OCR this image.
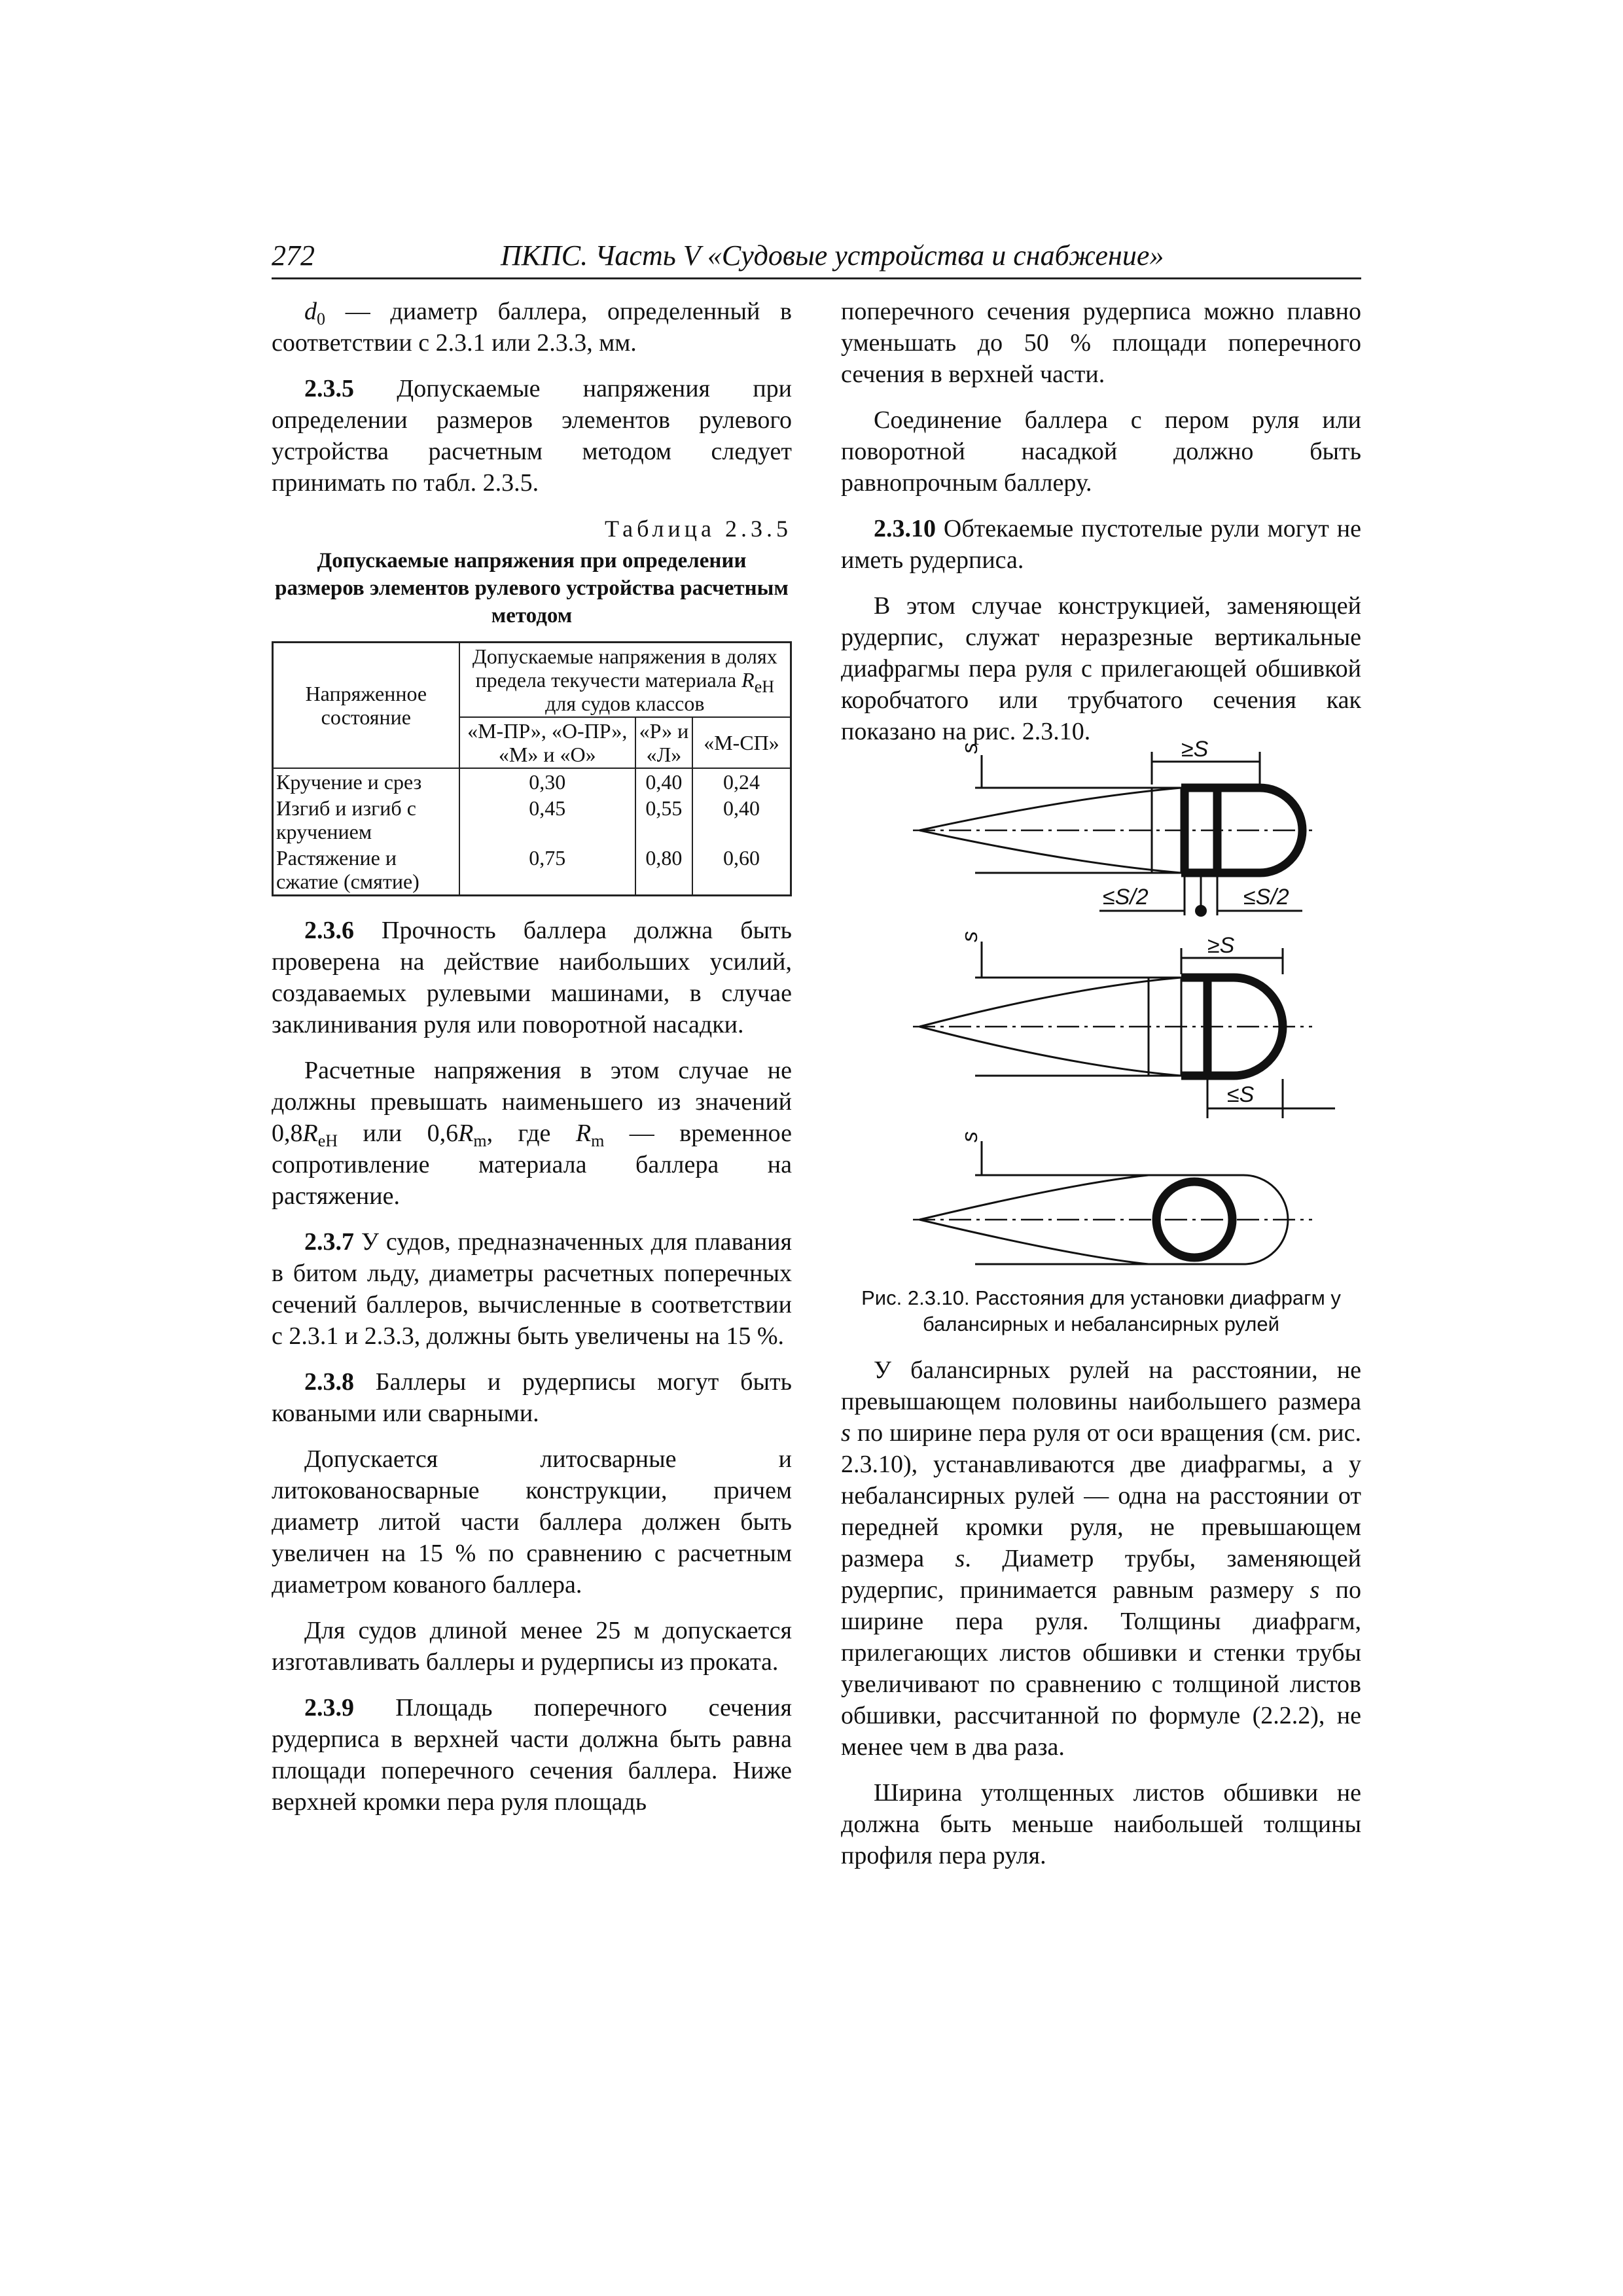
272	ПКПС. Часть V «Судовые устройства и снабжение»

$d_0$ — диаметр баллера, определенный в соответствии с 2.3.1 или 2.3.3, мм.

2.3.5 Допускаемые напряжения при определении размеров элементов рулевого устройства расчетным методом следует принимать по табл. 2.3.5.

Таблица 2.3.5
Допускаемые напряжения при определении размеров элементов рулевого устройства расчетным методом
Напряженное состояние	Допускаемые напряжения в долях предела текучести материала $R_{eH}$ для судов классов		
	«М-ПР», «О-ПР», «М» и «О»	«Р» и «Л»	«М-СП»
Кручение и срез	0,30	0,40	0,24
Изгиб и изгиб с кручением	0,45	0,55	0,40
Растяжение и сжатие (смятие)	0,75	0,80	0,60

2.3.6 Прочность баллера должна быть проверена на действие наибольших усилий, создаваемых рулевыми машинами, в случае заклинивания руля или поворотной насадки.

Расчетные напряжения в этом случае не должны превышать наименьшего из значений $0,8R_{eH}$ или $0,6R_m$, где $R_m$ — временное сопротивление материала баллера на растяжение.

2.3.7 У судов, предназначенных для плавания в битом льду, диаметры расчетных поперечных сечений баллеров, вычисленные в соответствии с 2.3.1 и 2.3.3, должны быть увеличены на 15 %.

2.3.8 Баллеры и рудерписы могут быть коваными или сварными.

Допускается литосварные и литокованосварные конструкции, причем диаметр литой части баллера должен быть увеличен на 15 % по сравнению с расчетным диаметром кованого баллера.

Для судов длиной менее 25 м допускается изготавливать баллеры и рудерписы из проката.

2.3.9 Площадь поперечного сечения рудерписа в верхней части должна быть равна площади поперечного сечения баллера. Ниже верхней кромки пера руля площадь

поперечного сечения рудерписа можно плавно уменьшать до 50 % площади поперечного сечения в верхней части.

Соединение баллера с пером руля или поворотной насадкой должно быть равнопрочным баллеру.

2.3.10 Обтекаемые пустотелые рули могут не иметь рудерписа.

В этом случае конструкцией, заменяющей рудерпис, служат неразрезные вертикальные диафрагмы пера руля с прилегающей обшивкой коробчатого или трубчатого сечения как показано на рис. 2.3.10.

s	≥S
≤S/2	≤S/2
s	≥S
≤S
s
Рис. 2.3.10. Расстояния для установки диафрагм у балансирных и небалансирных рулей

У балансирных рулей на расстоянии, не превышающем половины наибольшего размера s по ширине пера руля от оси вращения (см. рис. 2.3.10), устанавливаются две диафрагмы, а у небалансирных рулей — одна на расстоянии от передней кромки руля, не превышающем размера s. Диаметр трубы, заменяющей рудерпис, принимается равным размеру s по ширине пера руля. Толщины диафрагм, прилегающих листов обшивки и стенки трубы увеличивают по сравнению с толщиной листов обшивки, рассчитанной по формуле (2.2.2), не менее чем в два раза.

Ширина утолщенных листов обшивки не должна быть меньше наибольшей толщины профиля пера руля.
